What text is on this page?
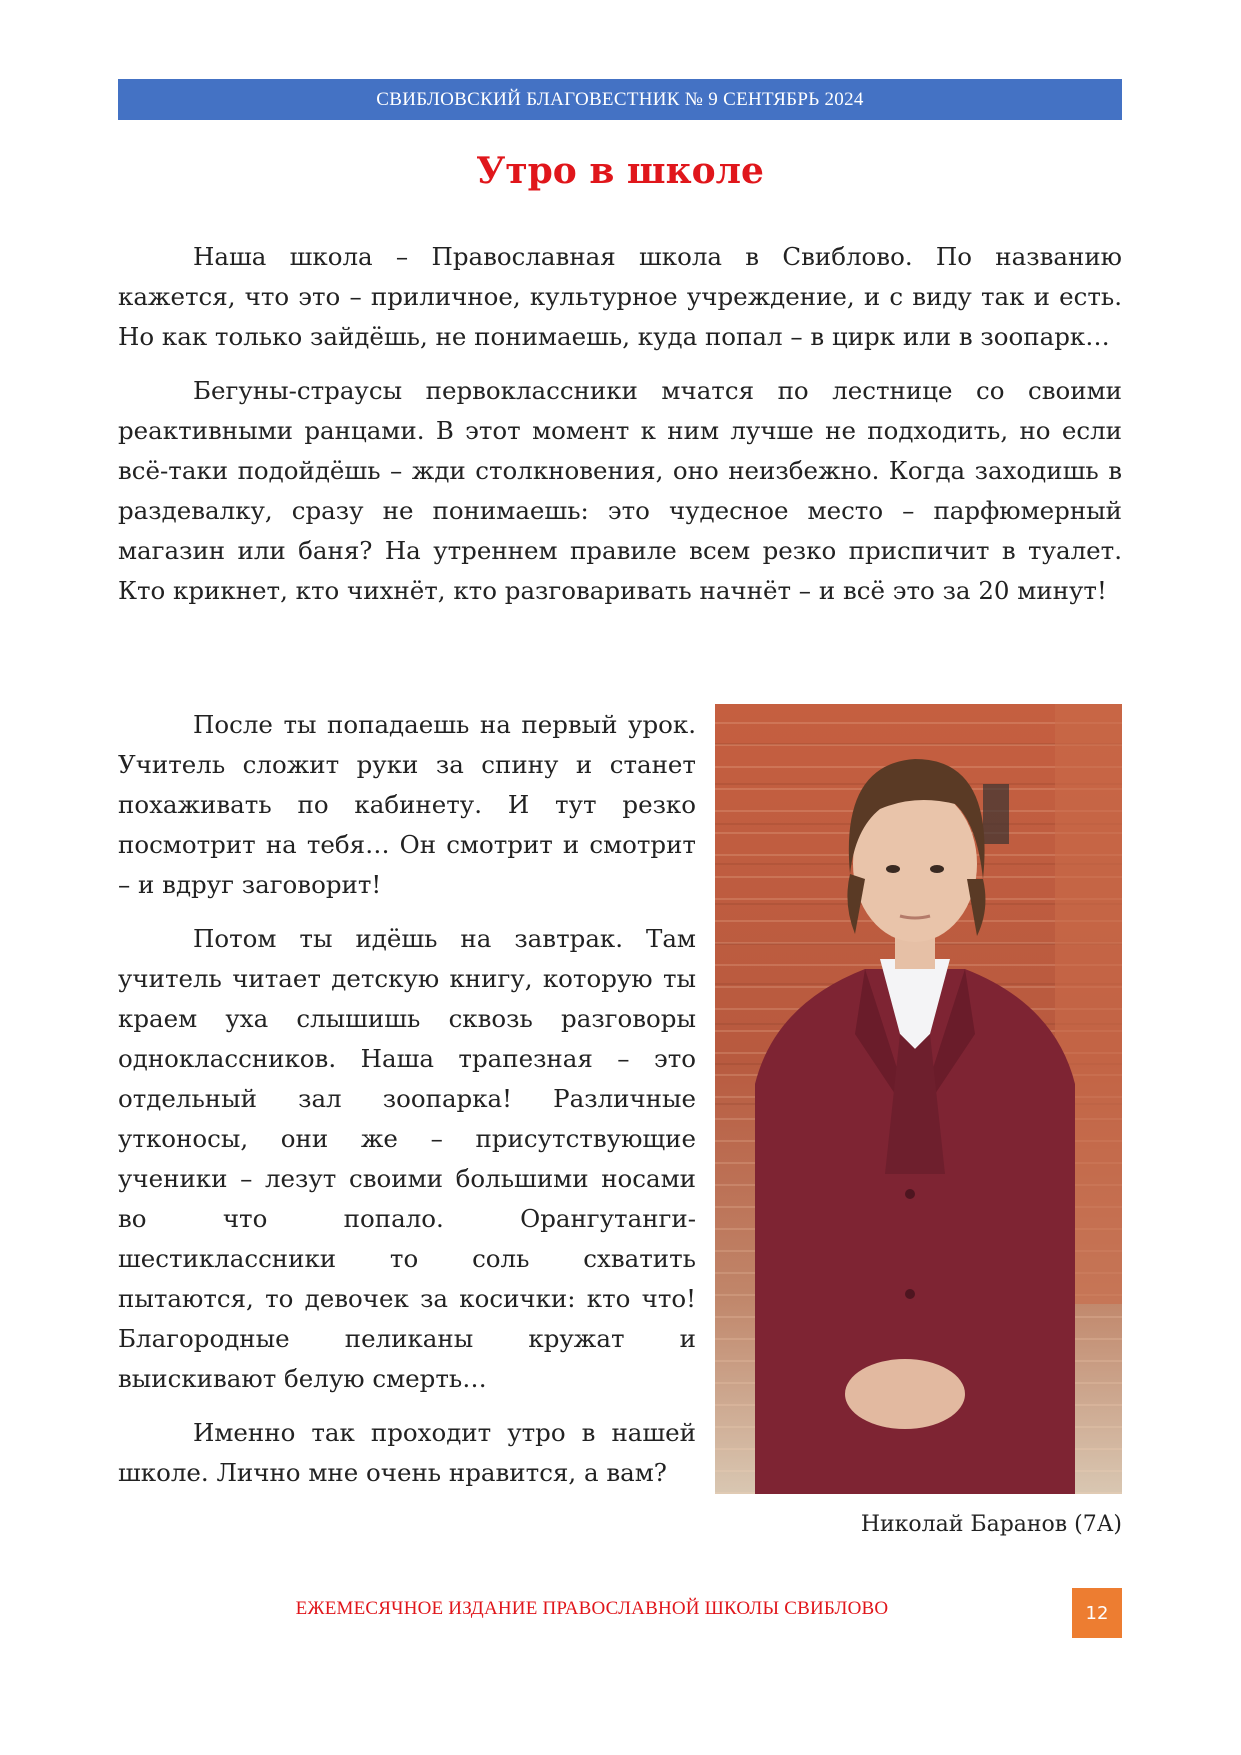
СВИБЛОВСКИЙ БЛАГОВЕСТНИК № 9 СЕНТЯБРЬ 2024
Утро в школе

Наша школа – Православная школа в Свиблово. По названию кажется, что это – приличное, культурное учреждение, и с виду так и есть. Но как только зайдёшь, не понимаешь, куда попал – в цирк или в зоопарк…

Бегуны-страусы первоклассники мчатся по лестнице со своими реактивными ранцами. В этот момент к ним лучше не подходить, но если всё-таки подойдёшь – жди столкновения, оно неизбежно. Когда заходишь в раздевалку, сразу не понимаешь: это чудесное место – парфюмерный магазин или баня? На утреннем правиле всем резко приспичит в туалет. Кто крикнет, кто чихнёт, кто разговаривать начнёт – и всё это за 20 минут!

После ты попадаешь на первый урок. Учитель сложит руки за спину и станет похаживать по кабинету. И тут резко посмотрит на тебя… Он смотрит и смотрит – и вдруг заговорит!

Потом ты идёшь на завтрак. Там учитель читает детскую книгу, которую ты краем уха слышишь сквозь разговоры одноклассников. Наша трапезная – это отдельный зал зоопарка! Различные утконосы, они же – присутствующие ученики – лезут своими большими носами во что попало. Орангутанги-шестиклассники то соль схватить пытаются, то девочек за косички: кто что! Благородные пеликаны кружат и выискивают белую смерть…

Именно так проходит утро в нашей школе. Лично мне очень нравится, а вам?

Николай Баранов (7А)
ЕЖЕМЕСЯЧНОЕ ИЗДАНИЕ ПРАВОСЛАВНОЙ ШКОЛЫ СВИБЛОВО	12
